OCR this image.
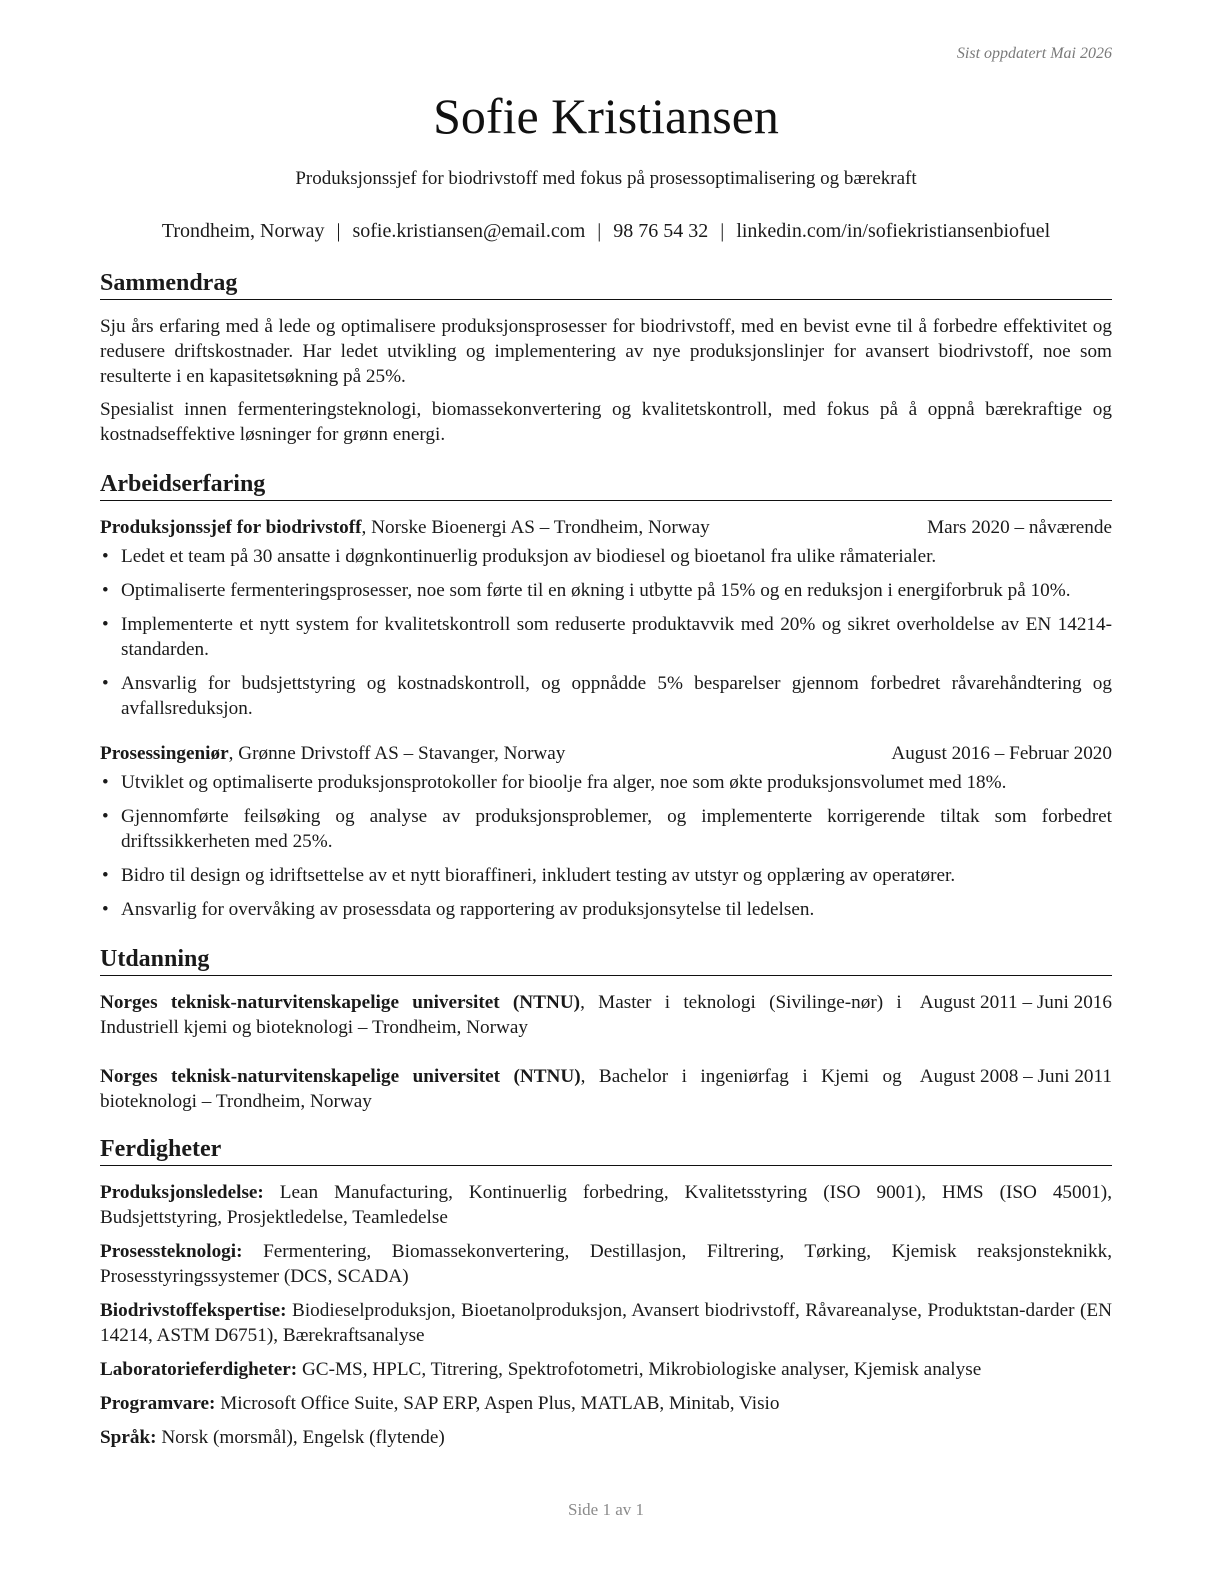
Sist oppdatert Mai 2026
Sofie Kristiansen
Produksjonssjef for biodrivstoff med fokus på prosessoptimalisering og bærekraft
Trondheim, Norway | sofie.kristiansen@email.com | 98 76 54 32 | linkedin.com/in/sofiekristiansenbiofuel
Sammendrag

Sju års erfaring med å lede og optimalisere produksjonsprosesser for biodrivstoff, med en bevist evne til å forbedre effektivitet og redusere driftskostnader. Har ledet utvikling og implementering av nye produksjonslinjer for avansert biodrivstoff, noe som resulterte i en kapasitetsøkning på 25%.

Spesialist innen fermenteringsteknologi, biomassekonvertering og kvalitetskontroll, med fokus på å oppnå bærekraftige og kostnadseffektive løsninger for grønn energi.

Arbeidserfaring
Produksjonssjef for biodrivstoff, Norske Bioenergi AS – Trondheim, Norway	Mars 2020 – nåværende
• Ledet et team på 30 ansatte i døgnkontinuerlig produksjon av biodiesel og bioetanol fra ulike råmaterialer.
• Optimaliserte fermenteringsprosesser, noe som førte til en økning i utbytte på 15% og en reduksjon i energiforbruk på 10%.
• Implementerte et nytt system for kvalitetskontroll som reduserte produktavvik med 20% og sikret overholdelse av EN 14214-standarden.
• Ansvarlig for budsjettstyring og kostnadskontroll, og oppnådde 5% besparelser gjennom forbedret råvarehåndtering og avfallsreduksjon.
Prosessingeniør, Grønne Drivstoff AS – Stavanger, Norway	August 2016 – Februar 2020
• Utviklet og optimaliserte produksjonsprotokoller for bioolje fra alger, noe som økte produksjonsvolumet med 18%.
• Gjennomførte feilsøking og analyse av produksjonsproblemer, og implementerte korrigerende tiltak som forbedret driftssikkerheten med 25%.
• Bidro til design og idriftsettelse av et nytt bioraffineri, inkludert testing av utstyr og opplæring av operatører.
• Ansvarlig for overvåking av prosessdata og rapportering av produksjonsytelse til ledelsen.
Utdanning
Norges teknisk-naturvitenskapelige universitet (NTNU), Master i teknologi (Sivilinge-nør) i Industriell kjemi og bioteknologi – Trondheim, Norway
August 2011 – Juni 2016
Norges teknisk-naturvitenskapelige universitet (NTNU), Bachelor i ingeniørfag i Kjemi og bioteknologi – Trondheim, Norway
August 2008 – Juni 2011
Ferdigheter

Produksjonsledelse: Lean Manufacturing, Kontinuerlig forbedring, Kvalitetsstyring (ISO 9001), HMS (ISO 45001), Budsjettstyring, Prosjektledelse, Teamledelse

Prosessteknologi: Fermentering, Biomassekonvertering, Destillasjon, Filtrering, Tørking, Kjemisk reaksjonsteknikk, Prosesstyringssystemer (DCS, SCADA)

Biodrivstoffekspertise: Biodieselproduksjon, Bioetanolproduksjon, Avansert biodrivstoff, Råvareanalyse, Produktstan-darder (EN 14214, ASTM D6751), Bærekraftsanalyse

Laboratorieferdigheter: GC-MS, HPLC, Titrering, Spektrofotometri, Mikrobiologiske analyser, Kjemisk analyse

Programvare: Microsoft Office Suite, SAP ERP, Aspen Plus, MATLAB, Minitab, Visio

Språk: Norsk (morsmål), Engelsk (flytende)

Side 1 av 1
